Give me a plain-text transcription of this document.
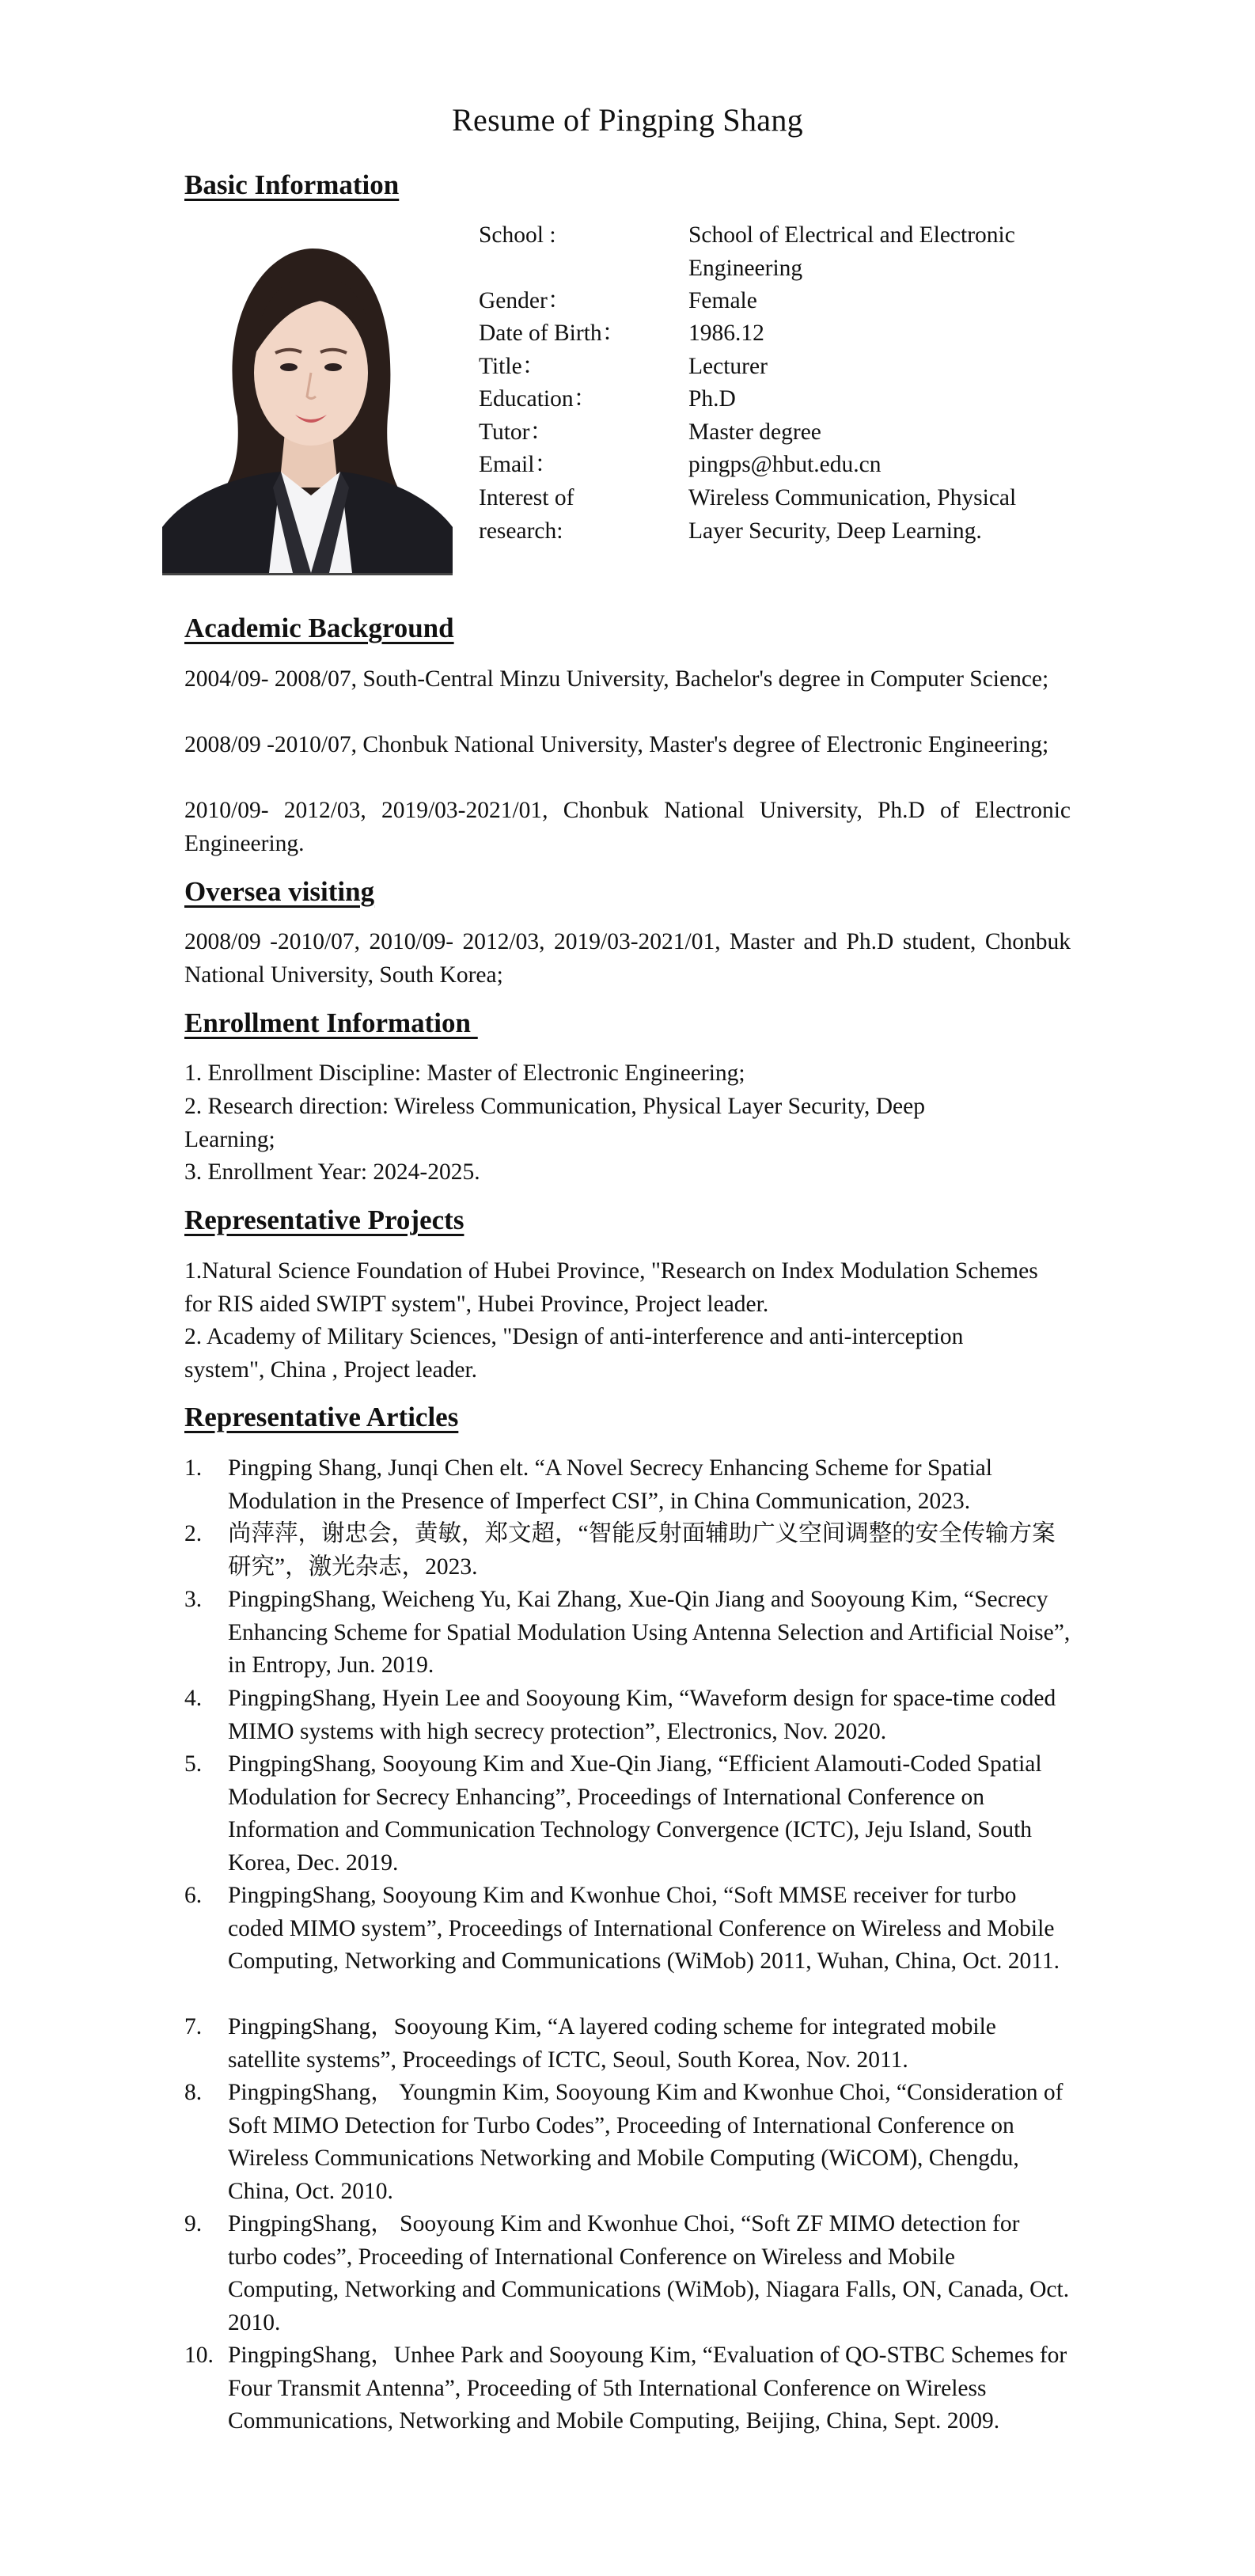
Resume of Pingping Shang
Basic Information
School :	School of Electrical and Electronic Engineering
Gender：	Female
Date of Birth：	1986.12
Title：	Lecturer
Education：	Ph.D
Tutor：	Master degree
Email：	pingps@hbut.edu.cn
Interest of research:
Wireless Communication, Physical Layer Security, Deep Learning.
Academic Background
2004/09- 2008/07, South-Central Minzu University, Bachelor's degree in Computer Science;
2008/09 -2010/07, Chonbuk National University, Master's degree of Electronic Engineering;
2010/09- 2012/03, 2019/03-2021/01, Chonbuk National University, Ph.D of Electronic Engineering.
Oversea visiting
2008/09 -2010/07, 2010/09- 2012/03, 2019/03-2021/01, Master and Ph.D student, Chonbuk National University, South Korea;
Enrollment Information
1. Enrollment Discipline: Master of Electronic Engineering;
2. Research direction: Wireless Communication, Physical Layer Security, Deep Learning;
3. Enrollment Year: 2024-2025.
Representative Projects
1.Natural Science Foundation of Hubei Province, "Research on Index Modulation Schemes for RIS aided SWIPT system", Hubei Province, Project leader.
2. Academy of Military Sciences, "Design of anti-interference and anti-interception system", China , Project leader.
Representative Articles
1.	Pingping Shang, Junqi Chen elt. “A Novel Secrecy Enhancing Scheme for Spatial Modulation in the Presence of Imperfect CSI”, in China Communication, 2023.
2.	尚萍萍，谢忠会，黄敏，郑文超，“智能反射面辅助广义空间调整的安全传输方案研究”，激光杂志，2023.
3.	PingpingShang, Weicheng Yu, Kai Zhang, Xue-Qin Jiang and Sooyoung Kim, “Secrecy Enhancing Scheme for Spatial Modulation Using Antenna Selection and Artificial Noise”, in Entropy, Jun. 2019.
4.	PingpingShang, Hyein Lee and Sooyoung Kim, “Waveform design for space-time coded MIMO systems with high secrecy protection”, Electronics, Nov. 2020.
5.	PingpingShang, Sooyoung Kim and Xue-Qin Jiang, “Efficient Alamouti-Coded Spatial Modulation for Secrecy Enhancing”, Proceedings of International Conference on Information and Communication Technology Convergence (ICTC), Jeju Island, South Korea, Dec. 2019.
6.	PingpingShang, Sooyoung Kim and Kwonhue Choi, “Soft MMSE receiver for turbo coded MIMO system”, Proceedings of International Conference on Wireless and Mobile Computing, Networking and Communications (WiMob) 2011, Wuhan, China, Oct. 2011.
7.	PingpingShang，Sooyoung Kim, “A layered coding scheme for integrated mobile satellite systems”, Proceedings of ICTC, Seoul, South Korea, Nov. 2011.
8.	PingpingShang， Youngmin Kim, Sooyoung Kim and Kwonhue Choi, “Consideration of Soft MIMO Detection for Turbo Codes”, Proceeding of International Conference on Wireless Communications Networking and Mobile Computing (WiCOM), Chengdu, China, Oct. 2010.
9.	PingpingShang， Sooyoung Kim and Kwonhue Choi, “Soft ZF MIMO detection for turbo codes”, Proceeding of International Conference on Wireless and Mobile Computing, Networking and Communications (WiMob), Niagara Falls, ON, Canada, Oct. 2010.
10. PingpingShang，Unhee Park and Sooyoung Kim, “Evaluation of QO-STBC Schemes for Four Transmit Antenna”, Proceeding of 5th International Conference on Wireless Communications, Networking and Mobile Computing, Beijing, China, Sept. 2009.
